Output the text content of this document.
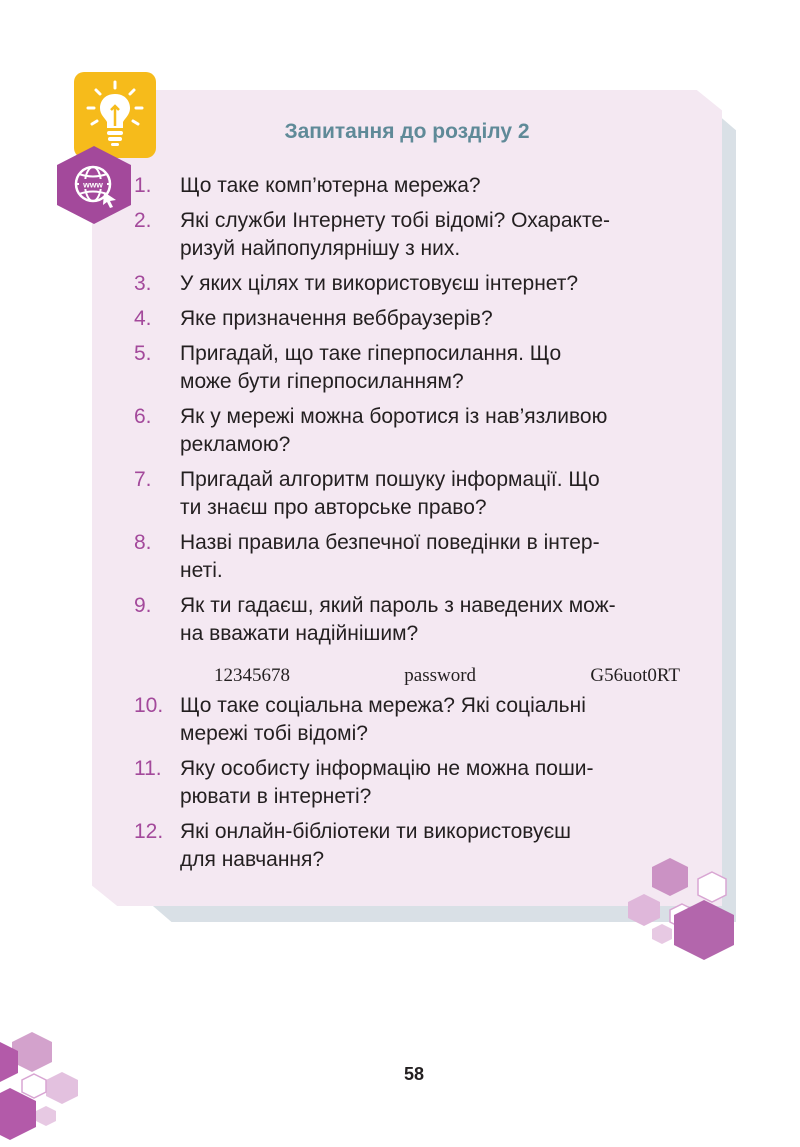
www
Запитання до розділу 2
1.	Що таке комп’ютерна мережа?
2.	Які служби Інтернету тобі відомі? Охаракте-
ризуй найпопулярнішу з них.
3.	У яких цілях ти використовуєш інтернет?
4.	Яке призначення веббраузерів?
5.	Пригадай, що таке гіперпосилання. Що
може бути гіперпосиланням?
6.	Як у мережі можна боротися із нав’язливою
рекламою?
7.	Пригадай алгоритм пошуку інформації. Що
ти знаєш про авторське право?
8.	Назві правила безпечної поведінки в інтер-
неті.
9.	Як ти гадаєш, який пароль з наведених мож-
на вважати надійнішим?
10. Що таке соціальна мережа? Які соціальні
мережі тобі відомі?
11. Яку особисту інформацію не можна поши-
рювати в інтернеті?
12. Які онлайн-бібліотеки ти використовуєш
для навчання?
12345678	password	G56uot0RT
58
